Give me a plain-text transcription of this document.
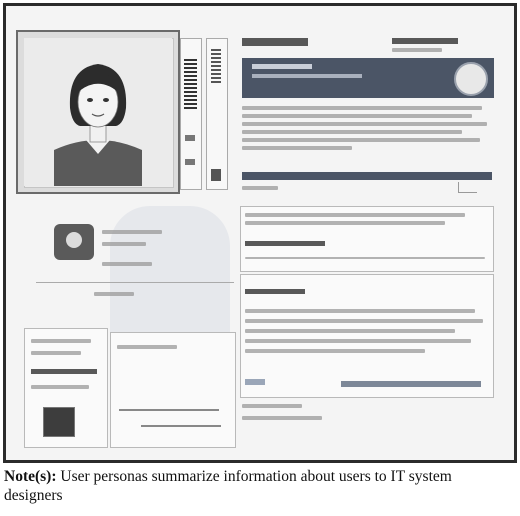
Note(s): User personas summarize information about users to IT system designers
